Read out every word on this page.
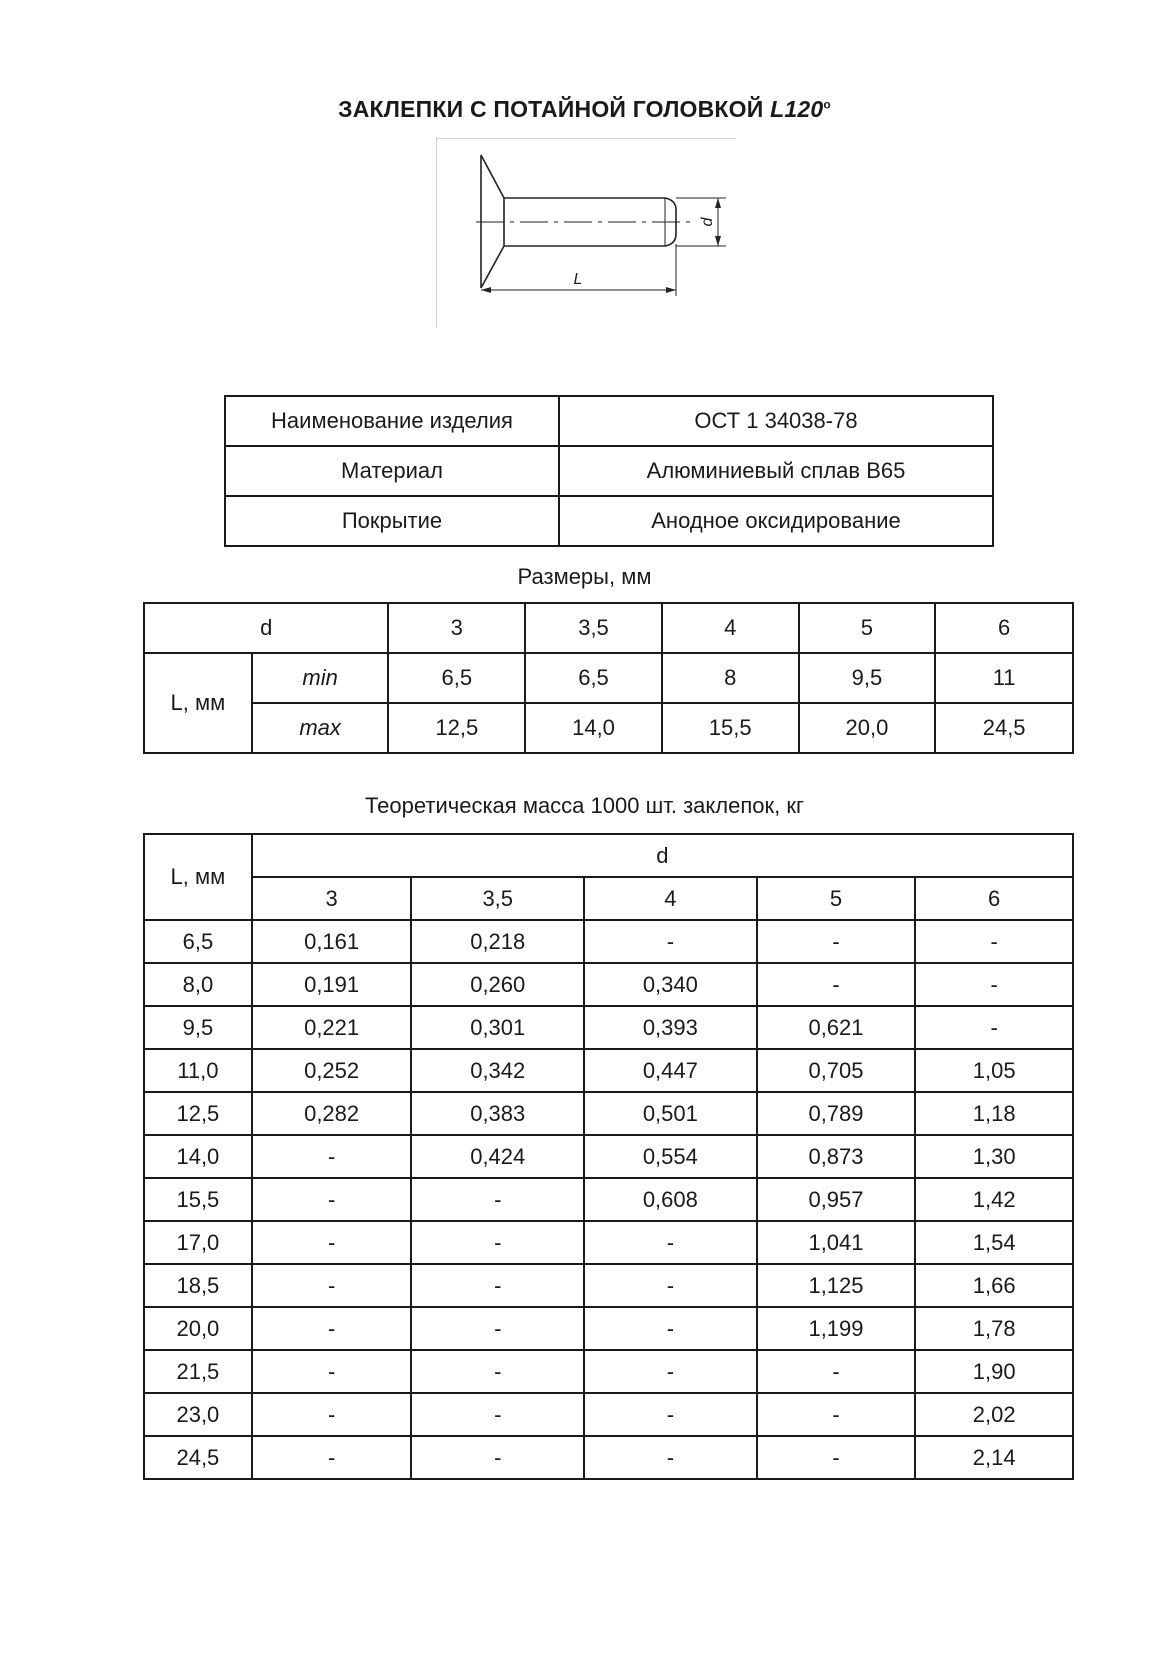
ЗАКЛЕПКИ С ПОТАЙНОЙ ГОЛОВКОЙ L120$^o$
d
L
Наименование изделия	ОСТ 1 34038-78
Материал	Алюминиевый сплав В65
Покрытие	Анодное оксидирование
Размеры, мм
d		3	3,5	4	5	6
L, мм	min	6,5	6,5	8	9,5	11
	max	12,5	14,0	15,5	20,0	24,5
Теоретическая масса 1000 шт. заклепок, кг
L, мм	d				
	3	3,5	4	5	6
6,5	0,161	0,218	-	-	-
8,0	0,191	0,260	0,340	-	-
9,5	0,221	0,301	0,393	0,621	-
11,0	0,252	0,342	0,447	0,705	1,05
12,5	0,282	0,383	0,501	0,789	1,18
14,0	-	0,424	0,554	0,873	1,30
15,5	-	-	0,608	0,957	1,42
17,0	-	-	-	1,041	1,54
18,5	-	-	-	1,125	1,66
20,0	-	-	-	1,199	1,78
21,5	-	-	-	-	1,90
23,0	-	-	-	-	2,02
24,5	-	-	-	-	2,14
